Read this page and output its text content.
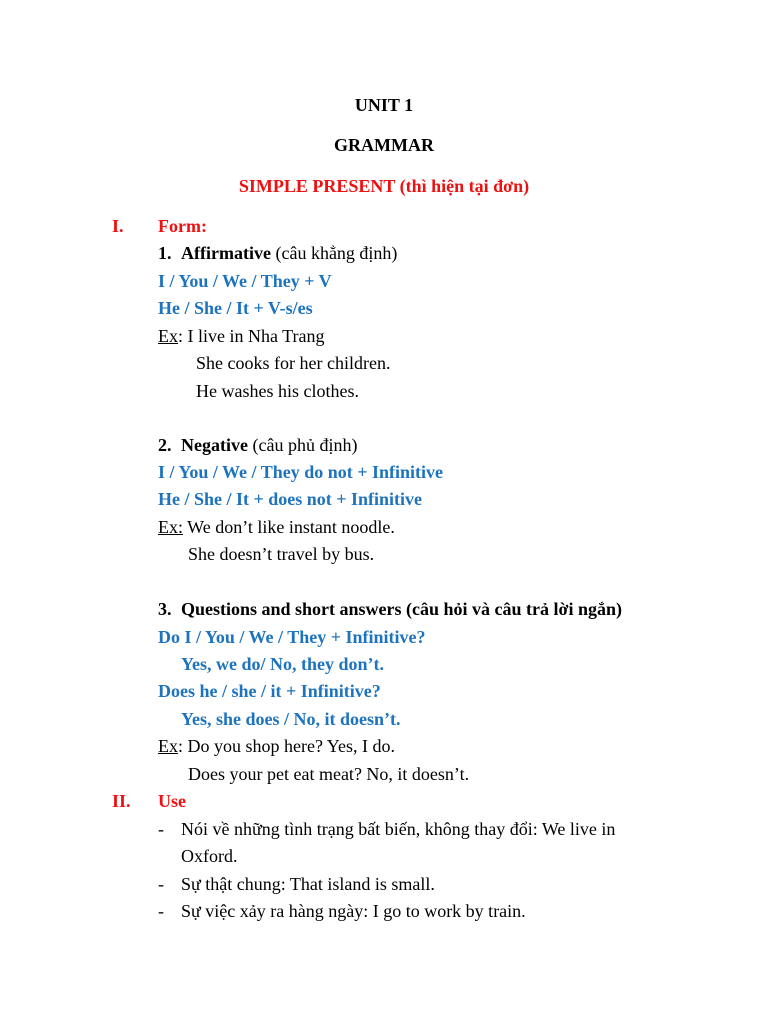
UNIT 1
GRAMMAR
SIMPLE PRESENT (thì hiện tại đơn)
I. Form:
1. Affirmative (câu khẳng định)
I / You / We / They + V
He / She / It + V-s/es
Ex: I live in Nha Trang
She cooks for her children.
He washes his clothes.
2. Negative (câu phủ định)
I / You / We / They do not + Infinitive
He / She / It + does not + Infinitive
Ex: We don’t like instant noodle.
She doesn’t travel by bus.
3. Questions and short answers (câu hỏi và câu trả lời ngắn)
Do I / You / We / They + Infinitive?
Yes, we do/ No, they don’t.
Does he / she / it + Infinitive?
Yes, she does / No, it doesn’t.
Ex: Do you shop here? Yes, I do.
Does your pet eat meat? No, it doesn’t.
II. Use
- Nói về những tình trạng bất biến, không thay đổi: We live in
Oxford.
- Sự thật chung: That island is small.
- Sự việc xảy ra hàng ngày: I go to work by train.
